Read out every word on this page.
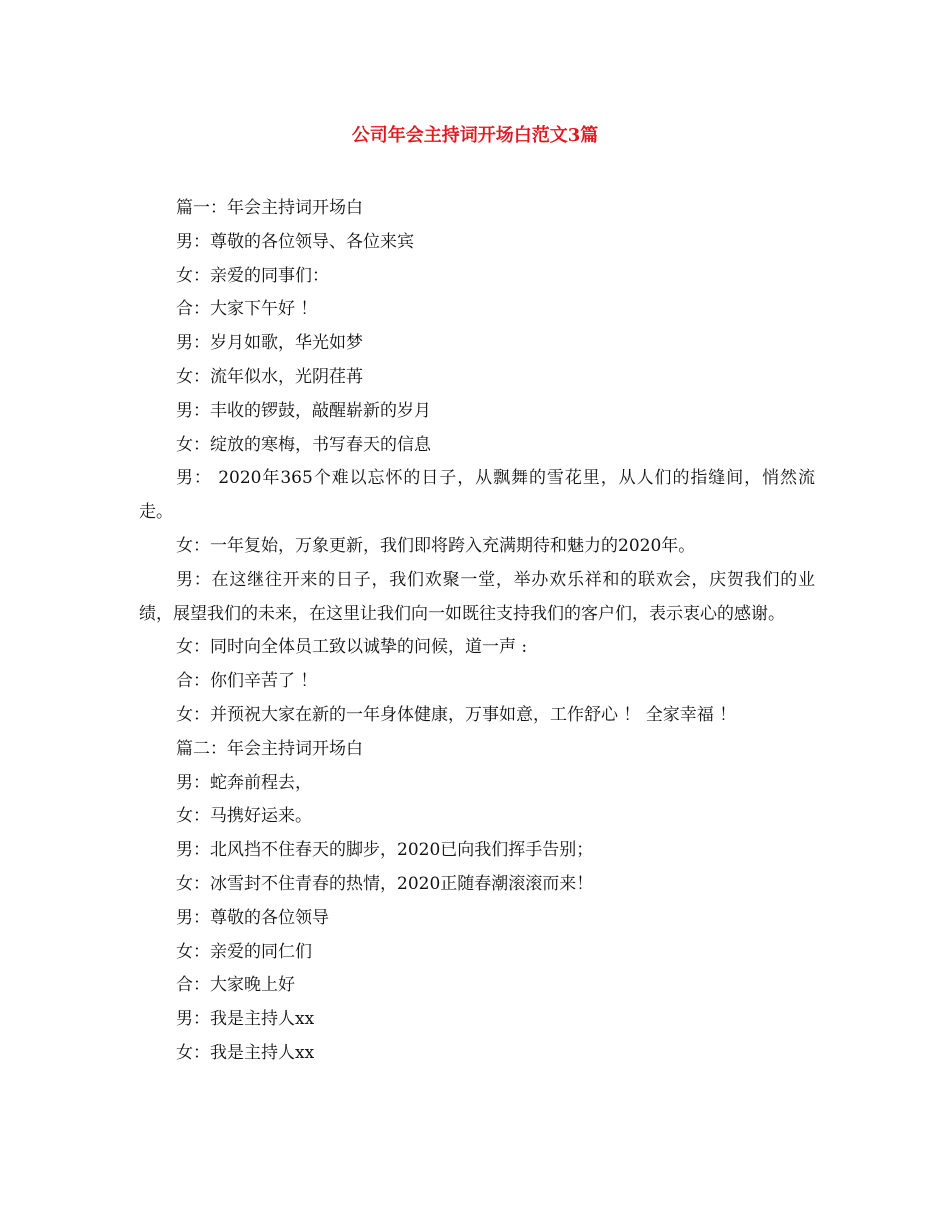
公司年会主持词开场白范文3篇

篇一：年会主持词开场白

男：尊敬的各位领导、各位来宾

女：亲爱的同事们：

合：大家下午好 ！

男：岁月如歌，华光如梦

女：流年似水，光阴荏苒

男：丰收的锣鼓，敲醒崭新的岁月

女：绽放的寒梅，书写春天的信息

男： 2020年365个难以忘怀的日子，从飘舞的雪花里，从人们的指缝间，悄然流走。

女：一年复始，万象更新，我们即将跨入充满期待和魅力的2020年。

男：在这继往开来的日子，我们欢聚一堂，举办欢乐祥和的联欢会，庆贺我们的业绩，展望我们的未来，在这里让我们向一如既往支持我们的客户们，表示衷心的感谢。

女：同时向全体员工致以诚挚的问候，道一声 :

合：你们辛苦了 ！

女：并预祝大家在新的一年身体健康，万事如意，工作舒心 ！ 全家幸福 ！

篇二：年会主持词开场白

男：蛇奔前程去，

女：马携好运来。

男：北风挡不住春天的脚步，2020已向我们挥手告别；

女：冰雪封不住青春的热情，2020正随春潮滚滚而来！

男：尊敬的各位领导

女：亲爱的同仁们

合：大家晚上好

男：我是主持人xx

女：我是主持人xx
